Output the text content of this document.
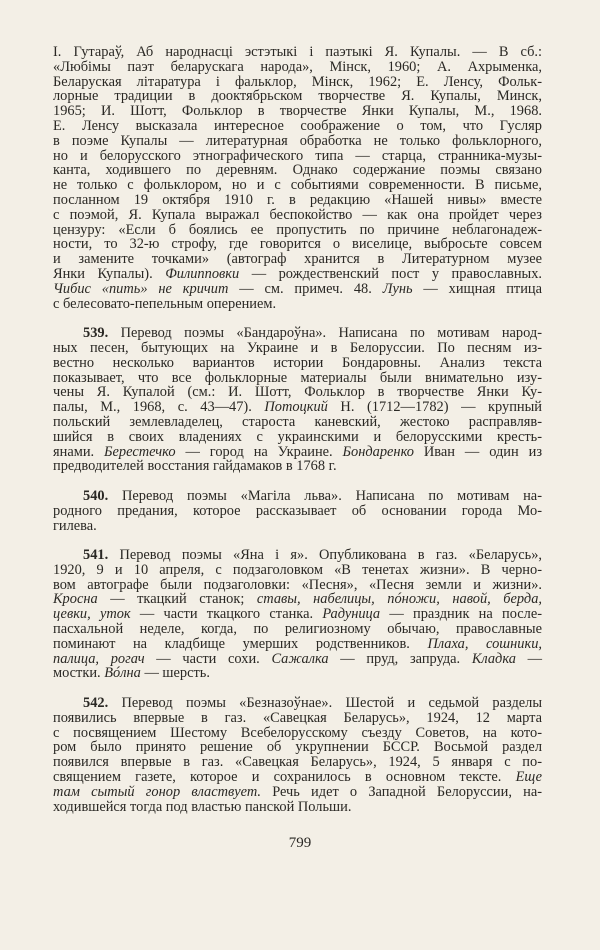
I. Гутараў, Аб народнасці эстэтыкі і паэтыкі Я. Купалы. — В сб.:
«Любімы паэт беларускага народа», Мінск, 1960; А. Ахрыменка,
Беларуская літаратура і фальклор, Мінск, 1962; Е. Ленсу, Фольк-
лорные традиции в дооктябрьском творчестве Я. Купалы, Минск,
1965; И. Шотт, Фольклор в творчестве Янки Купалы, М., 1968.
Е. Ленсу высказала интересное соображение о том, что Гусляр
в поэме Купалы — литературная обработка не только фольклорного,
но и белорусского этнографического типа — старца, странника-музы-
канта, ходившего по деревням. Однако содержание поэмы связано
не только с фольклором, но и с событиями современности. В письме,
посланном 19 октября 1910 г. в редакцию «Нашей нивы» вместе
с поэмой, Я. Купала выражал беспокойство — как она пройдет через
цензуру: «Если б боялись ее пропустить по причине неблагонадеж-
ности, то 32-ю строфу, где говорится о виселице, выбросьте совсем
и замените точками» (автограф хранится в Литературном музее
Янки Купалы). Филипповки — рождественский пост у православных.
Чибис «пить» не кричит — см. примеч. 48. Лунь — хищная птица
с белесовато-пепельным оперением.
539. Перевод поэмы «Бандароўна». Написана по мотивам народ-
ных песен, бытующих на Украине и в Белоруссии. По песням из-
вестно несколько вариантов истории Бондаровны. Анализ текста
показывает, что все фольклорные материалы были внимательно изу-
чены Я. Купалой (см.: И. Шотт, Фольклор в творчестве Янки Ку-
палы, М., 1968, с. 43—47). Потоцкий Н. (1712—1782) — крупный
польский землевладелец, староста каневский, жестоко расправляв-
шийся в своих владениях с украинскими и белорусскими кресть-
янами. Берестечко — город на Украине. Бондаренко Иван — один из
предводителей восстания гайдамаков в 1768 г.
540. Перевод поэмы «Магіла льва». Написана по мотивам на-
родного предания, которое рассказывает об основании города Мо-
гилева.
541. Перевод поэмы «Яна і я». Опубликована в газ. «Беларусь»,
1920, 9 и 10 апреля, с подзаголовком «В тенетах жизни». В черно-
вом автографе были подзаголовки: «Песня», «Песня земли и жизни».
Кросна — ткацкий станок; ставы, набелицы, пóножи, навой, берда,
цевки, уток — части ткацкого станка. Радуница — праздник на после-
пасхальной неделе, когда, по религиозному обычаю, православные
поминают на кладбище умерших родственников. Плаха, сошники,
палица, рогач — части сохи. Сажалка — пруд, запруда. Кладка —
мостки. Вóлна — шерсть.
542. Перевод поэмы «Безназоўнае». Шестой и седьмой разделы
появились впервые в газ. «Савецкая Беларусь», 1924, 12 марта
с посвящением Шестому Всебелорусскому съезду Советов, на кото-
ром было принято решение об укрупнении БССР. Восьмой раздел
появился впервые в газ. «Савецкая Беларусь», 1924, 5 января с по-
священием газете, которое и сохранилось в основном тексте. Еще
там сытый гонор властвует. Речь идет о Западной Белоруссии, на-
ходившейся тогда под властью панской Польши.
799
